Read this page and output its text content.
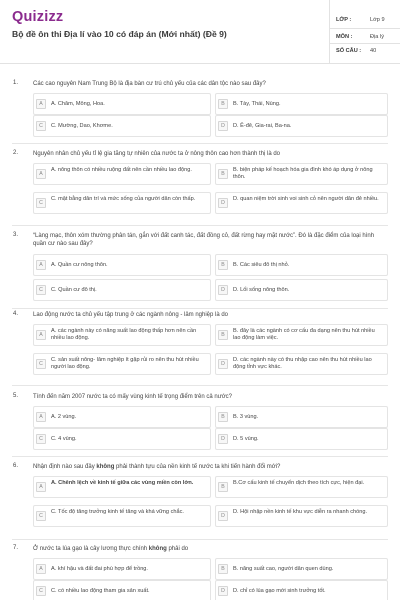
Quizizz
Bộ đề ôn thi Địa lí vào 10 có đáp án (Mới nhất) (Đề 9)
LỚP :	Lớp 9
MÔN :	Địa lý
SỐ CÂU : 40
1. Các cao nguyên Nam Trung Bộ là địa bàn cư trú chủ yếu của các dân tộc nào sau đây?
A	A. Chăm, Mông, Hoa.	B	B. Tày, Thái, Nùng.
C	C. Mường, Dao, Khơme.	D	D. Ê-đê, Gia-rai, Ba-na.
2. Nguyên nhân chủ yếu tỉ lệ gia tăng tự nhiên của nước ta ở nông thôn cao hơn thành thị là do
A
A. nông thôn có nhiều ruộng đất nên cần nhiều lao động.
B
B. biện pháp kế hoạch hóa gia đình khó áp dụng ở nông thôn.
C
C. mật bằng dân trí và mức sống của người dân còn thấp.
D
D. quan niệm trời sinh voi sinh cỏ nên người dân đẻ nhiều.
3. “Làng mạc, thôn xóm thường phân tán, gắn với đất canh tác, đất đồng cỏ, đất rừng hay mặt nước”. Đó là đặc điểm của loại hình quần cư nào sau đây?
A	A. Quần cư nông thôn.	B	B. Các siêu đô thị nhỏ.
C	C. Quần cư đô thị.	D	D. Lối sống nông thôn.
4. Lao động nước ta chủ yếu tập trung ở các ngành nông - lâm nghiệp là do
A
A. các ngành này có năng suất lao động thấp hơn nên cần nhiều lao động.
B
B. đây là các ngành có cơ cấu đa dạng nên thu hút nhiều lao động làm việc.
C
C. sản xuất nông- lâm nghiệp ít gặp rủi ro nên thu hút nhiều người lao động.
D
D. các ngành này có thu nhập cao nên thu hút nhiều lao động tỉnh vực khác.
5. Tính đến năm 2007 nước ta có mấy vùng kinh tế trọng điểm trên cả nước?
A	A. 2 vùng.	B	B. 3 vùng.
C	C. 4 vùng.	D	D. 5 vùng.
6. Nhận định nào sau đây không phải thành tựu của nền kinh tế nước ta khi tiến hành đổi mới?
A
A. Chênh lệch về kinh tế giữa các vùng miền còn lớn.
B
B.Cơ cấu kinh tế chuyển dịch theo tích cực, hiện đại.
C
C. Tốc độ tăng trưởng kinh tế tăng và khá vững chắc.
D
D. Hội nhập nền kinh tế khu vực diễn ra nhanh chóng.
7. Ở nước ta lúa gạo là cây lương thực chính không phải do
A	A. khí hậu và đất đai phù hợp để trồng.	B	B. năng suất cao, người dân quen dùng.
C	C. có nhiều lao động tham gia sản xuất.	D	D. chỉ có lúa gạo mới sinh trưởng tốt.
